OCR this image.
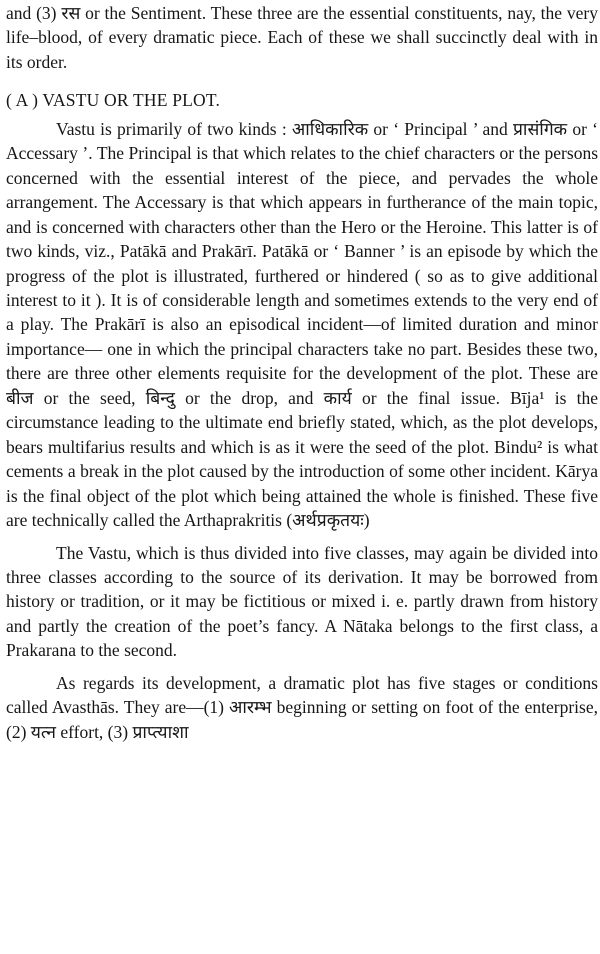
and (3) रस or the Sentiment. These three are the essential constituents, nay, the very life–blood, of every dramatic piece. Each of these we shall succinctly deal with in its order.

( A ) VASTU OR THE PLOT.

Vastu is primarily of two kinds : आधिकारिक or ‘ Principal ’ and प्रासंगिक or ‘ Accessary ’. The Principal is that which relates to the chief characters or the persons concerned with the essential interest of the piece, and pervades the whole arrangement. The Accessary is that which appears in furtherance of the main topic, and is concerned with characters other than the Hero or the Heroine. This latter is of two kinds, viz., Patākā and Prakārī. Patākā or ‘ Banner ’ is an episode by which the progress of the plot is illustrated, furthered or hindered ( so as to give additional interest to it ). It is of considerable length and sometimes extends to the very end of a play. The Prakārī is also an episodical incident—of limited duration and minor importance— one in which the principal characters take no part. Besides these two, there are three other elements requisite for the development of the plot. These are बीज or the seed, बिन्दु or the drop, and कार्य or the final issue. Bīja¹ is the circumstance leading to the ultimate end briefly stated, which, as the plot develops, bears multifarius results and which is as it were the seed of the plot. Bindu² is what cements a break in the plot caused by the introduction of some other incident. Kārya is the final object of the plot which being attained the whole is finished. These five are technically called the Arthaprakritis (अर्थप्रकृतयः)

The Vastu, which is thus divided into five classes, may again be divided into three classes according to the source of its derivation. It may be borrowed from history or tradition, or it may be fictitious or mixed i. e. partly drawn from history and partly the creation of the poet’s fancy. A Nātaka belongs to the first class, a Prakarana to the second.

As regards its development, a dramatic plot has five stages or conditions called Avasthās. They are—(1) आरम्भ beginning or setting on foot of the enterprise, (2) यत्न effort, (3) प्राप्त्याशा
